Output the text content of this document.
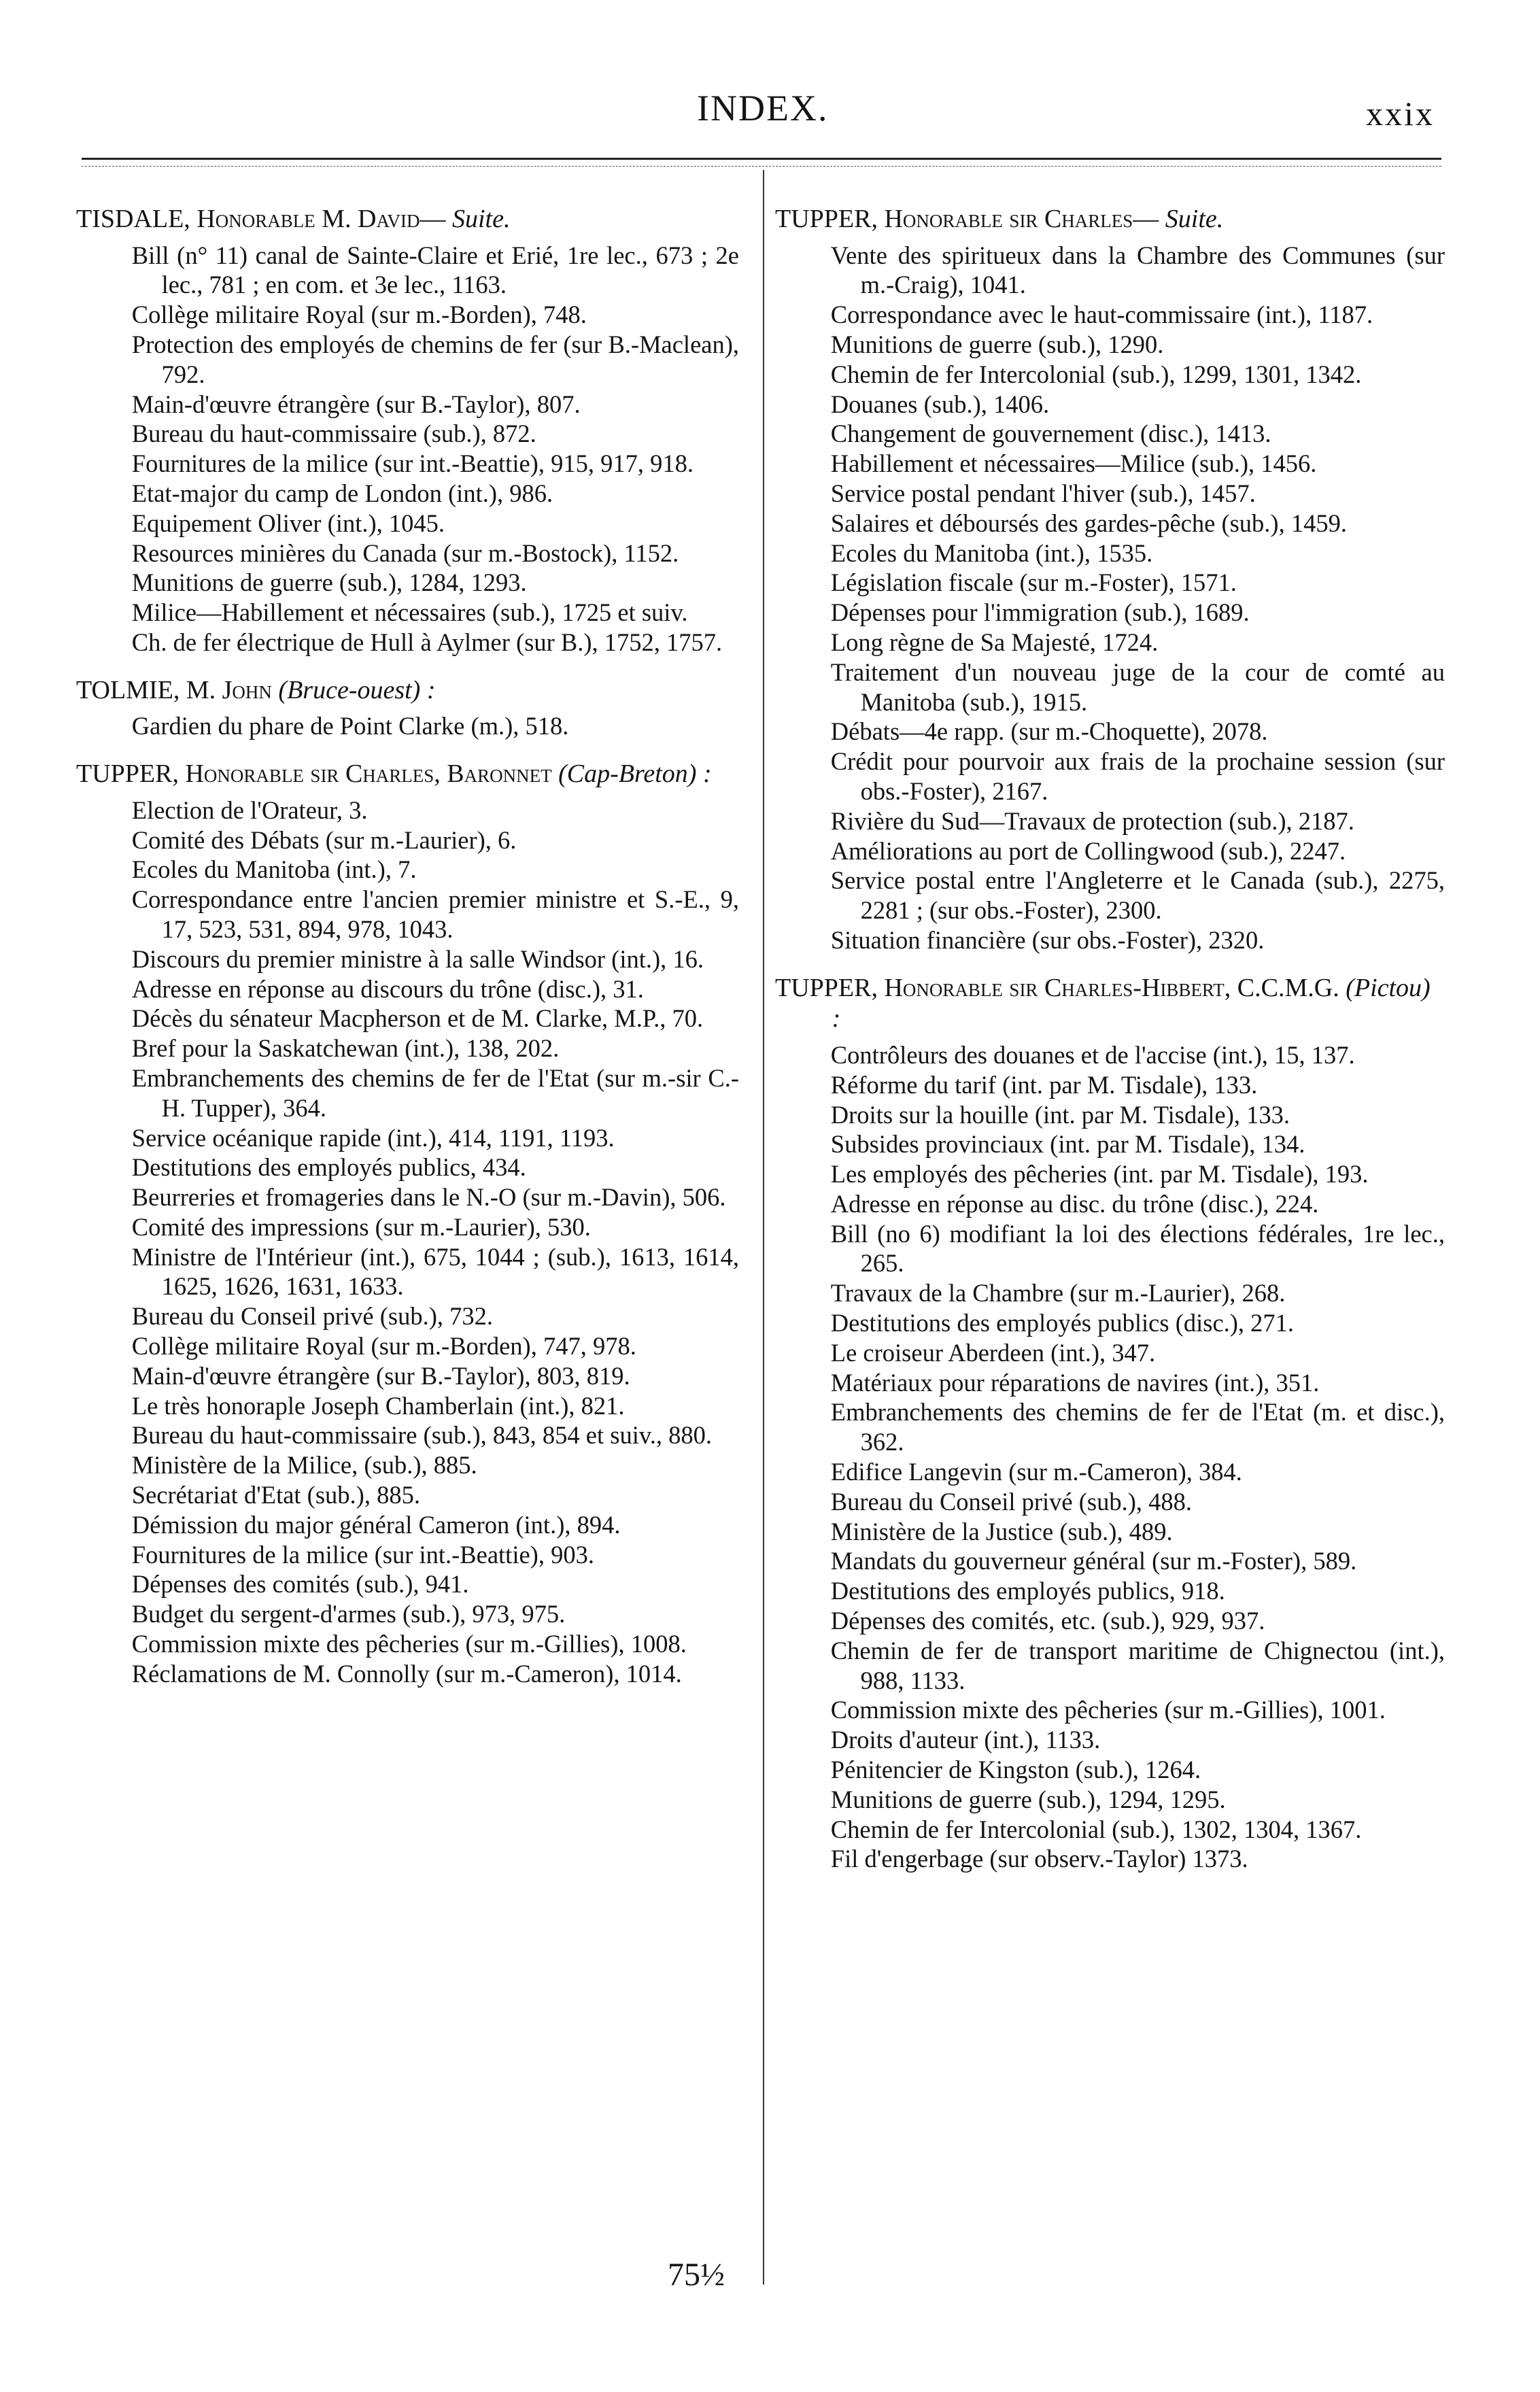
INDEX.	xxix
TISDALE, Honorable M. David— Suite.
Bill (n° 11) canal de Sainte-Claire et Erié, 1re lec., 673 ; 2e lec., 781 ; en com. et 3e lec., 1163.
Collège militaire Royal (sur m.-Borden), 748.
Protection des employés de chemins de fer (sur B.-Maclean), 792.
Main-d'œuvre étrangère (sur B.-Taylor), 807.
Bureau du haut-commissaire (sub.), 872.
Fournitures de la milice (sur int.-Beattie), 915, 917, 918.
Etat-major du camp de London (int.), 986.
Equipement Oliver (int.), 1045.
Resources minières du Canada (sur m.-Bostock), 1152.
Munitions de guerre (sub.), 1284, 1293.
Milice—Habillement et nécessaires (sub.), 1725 et suiv.
Ch. de fer électrique de Hull à Aylmer (sur B.), 1752, 1757.
TOLMIE, M. John (Bruce-ouest) :
Gardien du phare de Point Clarke (m.), 518.
TUPPER, Honorable sir Charles, Baronnet (Cap-Breton) :
Election de l'Orateur, 3.
Comité des Débats (sur m.-Laurier), 6.
Ecoles du Manitoba (int.), 7.
Correspondance entre l'ancien premier ministre et S.-E., 9, 17, 523, 531, 894, 978, 1043.
Discours du premier ministre à la salle Windsor (int.), 16.
Adresse en réponse au discours du trône (disc.), 31.
Décès du sénateur Macpherson et de M. Clarke, M.P., 70.
Bref pour la Saskatchewan (int.), 138, 202.
Embranchements des chemins de fer de l'Etat (sur m.-sir C.-H. Tupper), 364.
Service océanique rapide (int.), 414, 1191, 1193.
Destitutions des employés publics, 434.
Beurreries et fromageries dans le N.-O (sur m.-Davin), 506.
Comité des impressions (sur m.-Laurier), 530.
Ministre de l'Intérieur (int.), 675, 1044 ; (sub.), 1613, 1614, 1625, 1626, 1631, 1633.
Bureau du Conseil privé (sub.), 732.
Collège militaire Royal (sur m.-Borden), 747, 978.
Main-d'œuvre étrangère (sur B.-Taylor), 803, 819.
Le très honoraple Joseph Chamberlain (int.), 821.
Bureau du haut-commissaire (sub.), 843, 854 et suiv., 880.
Ministère de la Milice, (sub.), 885.
Secrétariat d'Etat (sub.), 885.
Démission du major général Cameron (int.), 894.
Fournitures de la milice (sur int.-Beattie), 903.
Dépenses des comités (sub.), 941.
Budget du sergent-d'armes (sub.), 973, 975.
Commission mixte des pêcheries (sur m.-Gillies), 1008.
Réclamations de M. Connolly (sur m.-Cameron), 1014.
TUPPER, Honorable sir Charles— Suite.
Vente des spiritueux dans la Chambre des Communes (sur m.-Craig), 1041.
Correspondance avec le haut-commissaire (int.), 1187.
Munitions de guerre (sub.), 1290.
Chemin de fer Intercolonial (sub.), 1299, 1301, 1342.
Douanes (sub.), 1406.
Changement de gouvernement (disc.), 1413.
Habillement et nécessaires—Milice (sub.), 1456.
Service postal pendant l'hiver (sub.), 1457.
Salaires et déboursés des gardes-pêche (sub.), 1459.
Ecoles du Manitoba (int.), 1535.
Législation fiscale (sur m.-Foster), 1571.
Dépenses pour l'immigration (sub.), 1689.
Long règne de Sa Majesté, 1724.
Traitement d'un nouveau juge de la cour de comté au Manitoba (sub.), 1915.
Débats—4e rapp. (sur m.-Choquette), 2078.
Crédit pour pourvoir aux frais de la prochaine session (sur obs.-Foster), 2167.
Rivière du Sud—Travaux de protection (sub.), 2187.
Améliorations au port de Collingwood (sub.), 2247.
Service postal entre l'Angleterre et le Canada (sub.), 2275, 2281 ; (sur obs.-Foster), 2300.
Situation financière (sur obs.-Foster), 2320.
TUPPER, Honorable sir Charles-Hibbert, C.C.M.G. (Pictou) :
Contrôleurs des douanes et de l'accise (int.), 15, 137.
Réforme du tarif (int. par M. Tisdale), 133.
Droits sur la houille (int. par M. Tisdale), 133.
Subsides provinciaux (int. par M. Tisdale), 134.
Les employés des pêcheries (int. par M. Tisdale), 193.
Adresse en réponse au disc. du trône (disc.), 224.
Bill (no 6) modifiant la loi des élections fédérales, 1re lec., 265.
Travaux de la Chambre (sur m.-Laurier), 268.
Destitutions des employés publics (disc.), 271.
Le croiseur Aberdeen (int.), 347.
Matériaux pour réparations de navires (int.), 351.
Embranchements des chemins de fer de l'Etat (m. et disc.), 362.
Edifice Langevin (sur m.-Cameron), 384.
Bureau du Conseil privé (sub.), 488.
Ministère de la Justice (sub.), 489.
Mandats du gouverneur général (sur m.-Foster), 589.
Destitutions des employés publics, 918.
Dépenses des comités, etc. (sub.), 929, 937.
Chemin de fer de transport maritime de Chignectou (int.), 988, 1133.
Commission mixte des pêcheries (sur m.-Gillies), 1001.
Droits d'auteur (int.), 1133.
Pénitencier de Kingston (sub.), 1264.
Munitions de guerre (sub.), 1294, 1295.
Chemin de fer Intercolonial (sub.), 1302, 1304, 1367.
Fil d'engerbage (sur observ.-Taylor) 1373.
75½
